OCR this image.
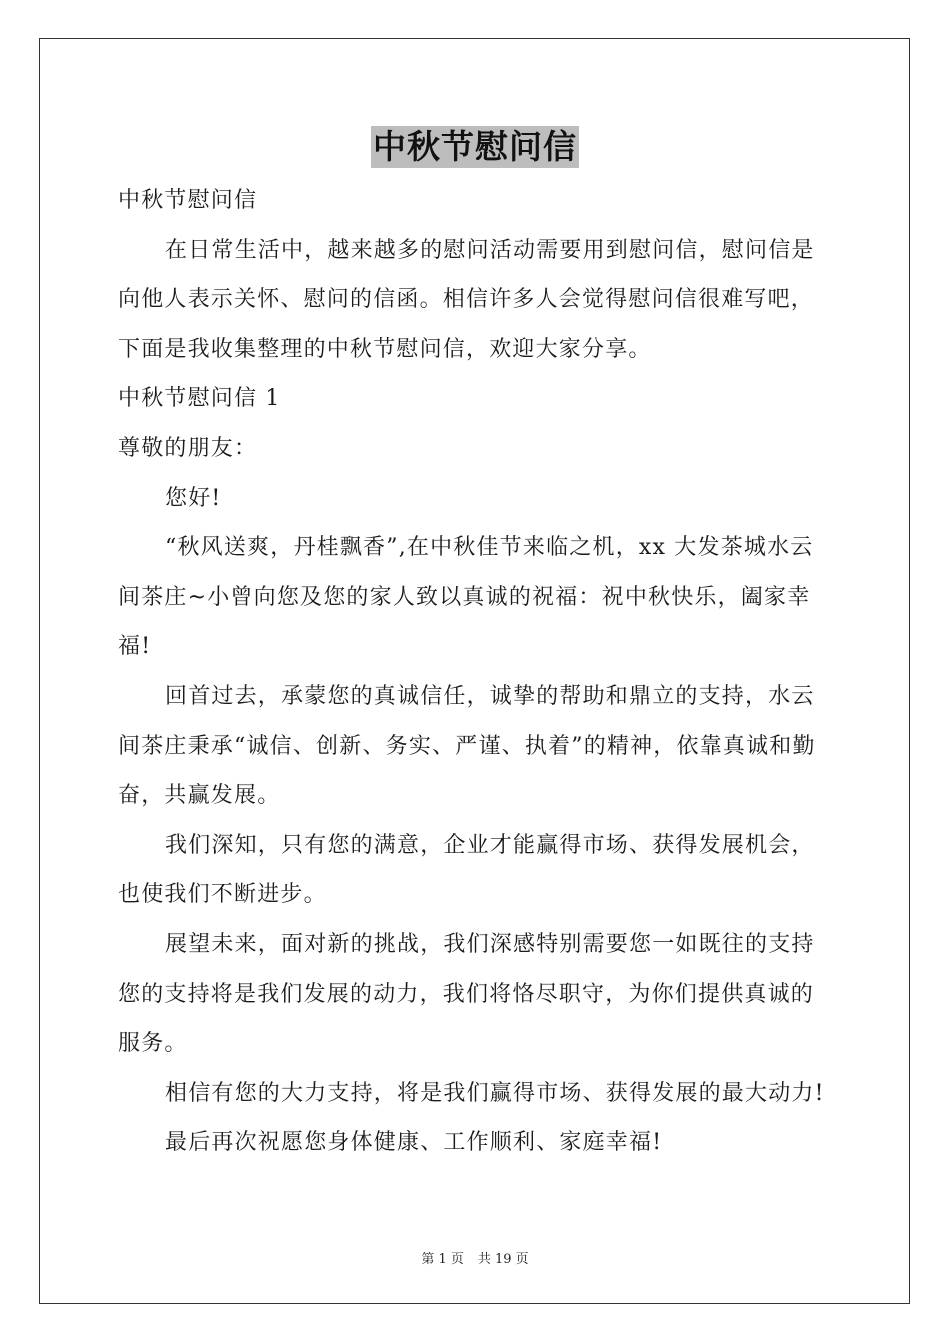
中秋节慰问信

中秋节慰问信

在日常生活中，越来越多的慰问活动需要用到慰问信，慰问信是向他人表示关怀、慰问的信函。相信许多人会觉得慰问信很难写吧，下面是我收集整理的中秋节慰问信，欢迎大家分享。

中秋节慰问信 1

尊敬的朋友：

您好!

“秋风送爽，丹桂飘香”,在中秋佳节来临之机，xx 大发茶城水云间茶庄~小曾向您及您的家人致以真诚的祝福：祝中秋快乐，阖家幸福!

回首过去，承蒙您的真诚信任，诚挚的帮助和鼎立的支持，水云间茶庄秉承“诚信、创新、务实、严谨、执着”的精神，依靠真诚和勤奋，共赢发展。

我们深知，只有您的满意，企业才能赢得市场、获得发展机会，也使我们不断进步。

展望未来，面对新的挑战，我们深感特别需要您一如既往的支持您的支持将是我们发展的动力，我们将恪尽职守，为你们提供真诚的服务。

相信有您的大力支持，将是我们赢得市场、获得发展的最大动力!

最后再次祝愿您身体健康、工作顺利、家庭幸福!

第 1 页 共 19 页
